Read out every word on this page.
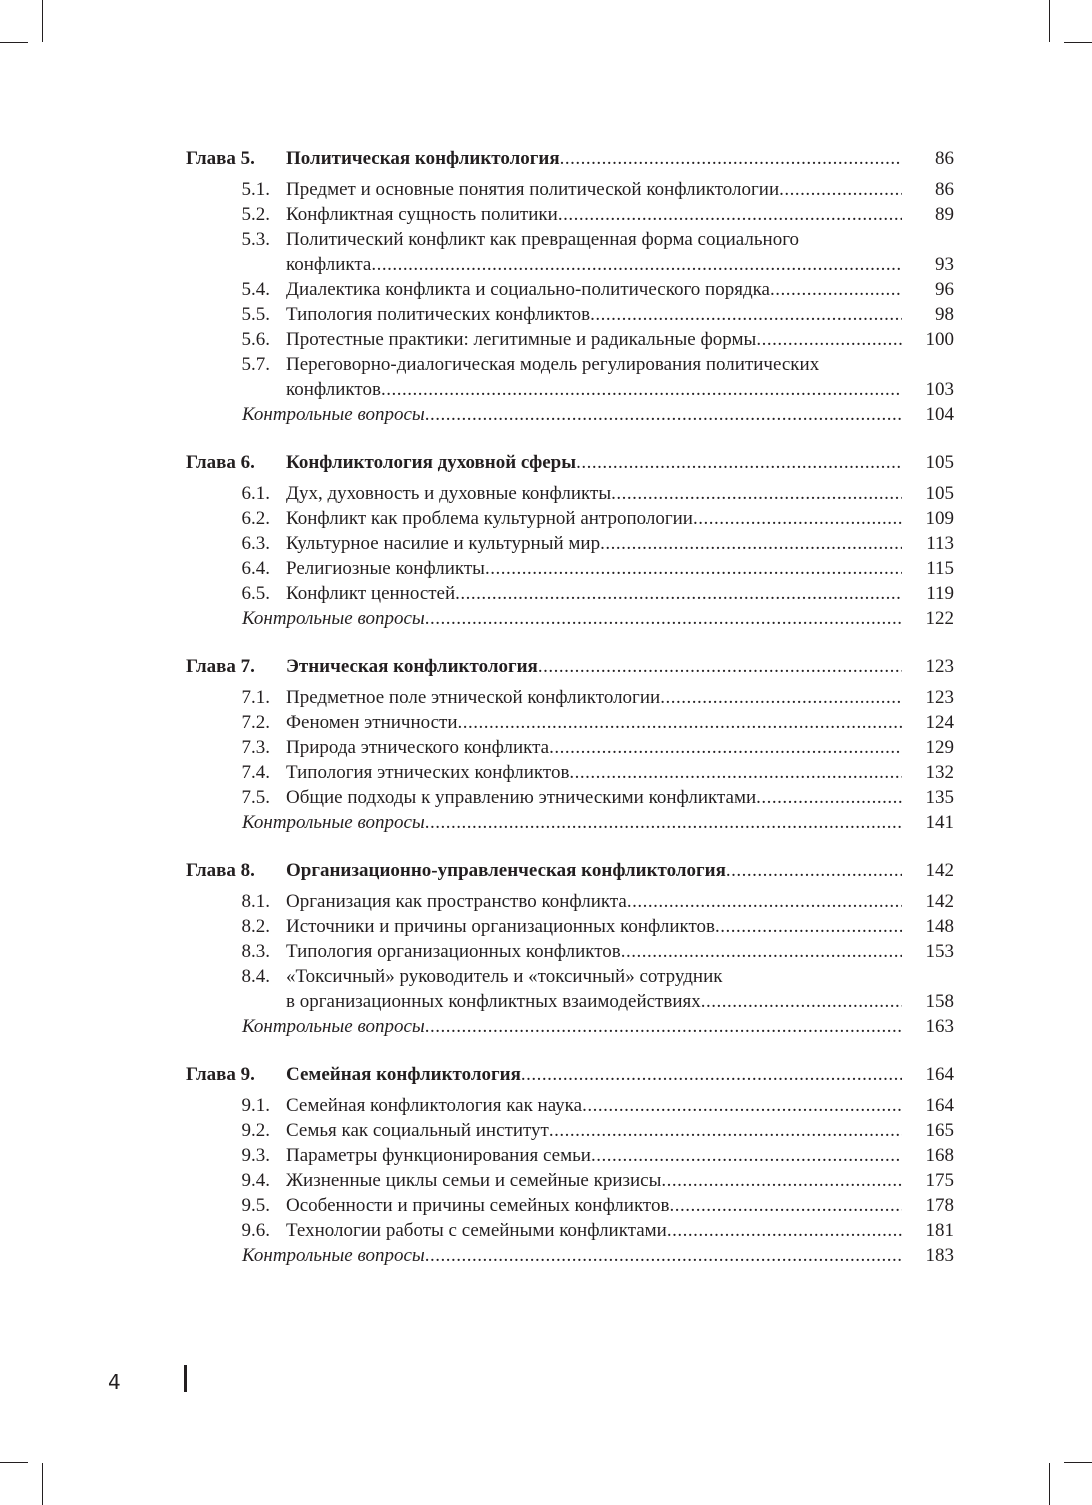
Глава 5.	Политическая конфликтология .....	86
5.1. Предмет и основные понятия политической конфликтологии .....	86
5.2. Конфликтная сущность политики .....	89
5.3. Политический конфликт как превращенная форма социального
конфликта .....	93
5.4. Диалектика конфликта и социально-политического порядка .....	96
5.5. Типология политических конфликтов .....	98
5.6. Протестные практики: легитимные и радикальные формы .....	100
5.7. Переговорно-диалогическая модель регулирования политических
конфликтов .....	103
Контрольные вопросы .....	104
Глава 6.	Конфликтология духовной сферы .....	105
6.1. Дух, духовность и духовные конфликты .....	105
6.2. Конфликт как проблема культурной антропологии .....	109
6.3. Культурное насилие и культурный мир .....	113
6.4. Религиозные конфликты .....	115
6.5. Конфликт ценностей .....	119
Контрольные вопросы .....	122
Глава 7.	Этническая конфликтология .....	123
7.1. Предметное поле этнической конфликтологии .....	123
7.2. Феномен этничности .....	124
7.3. Природа этнического конфликта .....	129
7.4. Типология этнических конфликтов .....	132
7.5. Общие подходы к управлению этническими конфликтами .....	135
Контрольные вопросы .....	141
Глава 8.	Организационно-управленческая конфликтология .....	142
8.1. Организация как пространство конфликта .....	142
8.2. Источники и причины организационных конфликтов .....	148
8.3. Типология организационных конфликтов .....	153
8.4. «Токсичный» руководитель и «токсичный» сотрудник
в организационных конфликтных взаимодействиях .....	158
Контрольные вопросы .....	163
Глава 9.	Семейная конфликтология .....	164
9.1. Семейная конфликтология как наука .....	164
9.2. Семья как социальный институт .....	165
9.3. Параметры функционирования семьи .....	168
9.4. Жизненные циклы семьи и семейные кризисы .....	175
9.5. Особенности и причины семейных конфликтов .....	178
9.6. Технологии работы с семейными конфликтами .....	181
Контрольные вопросы .....	183
4
